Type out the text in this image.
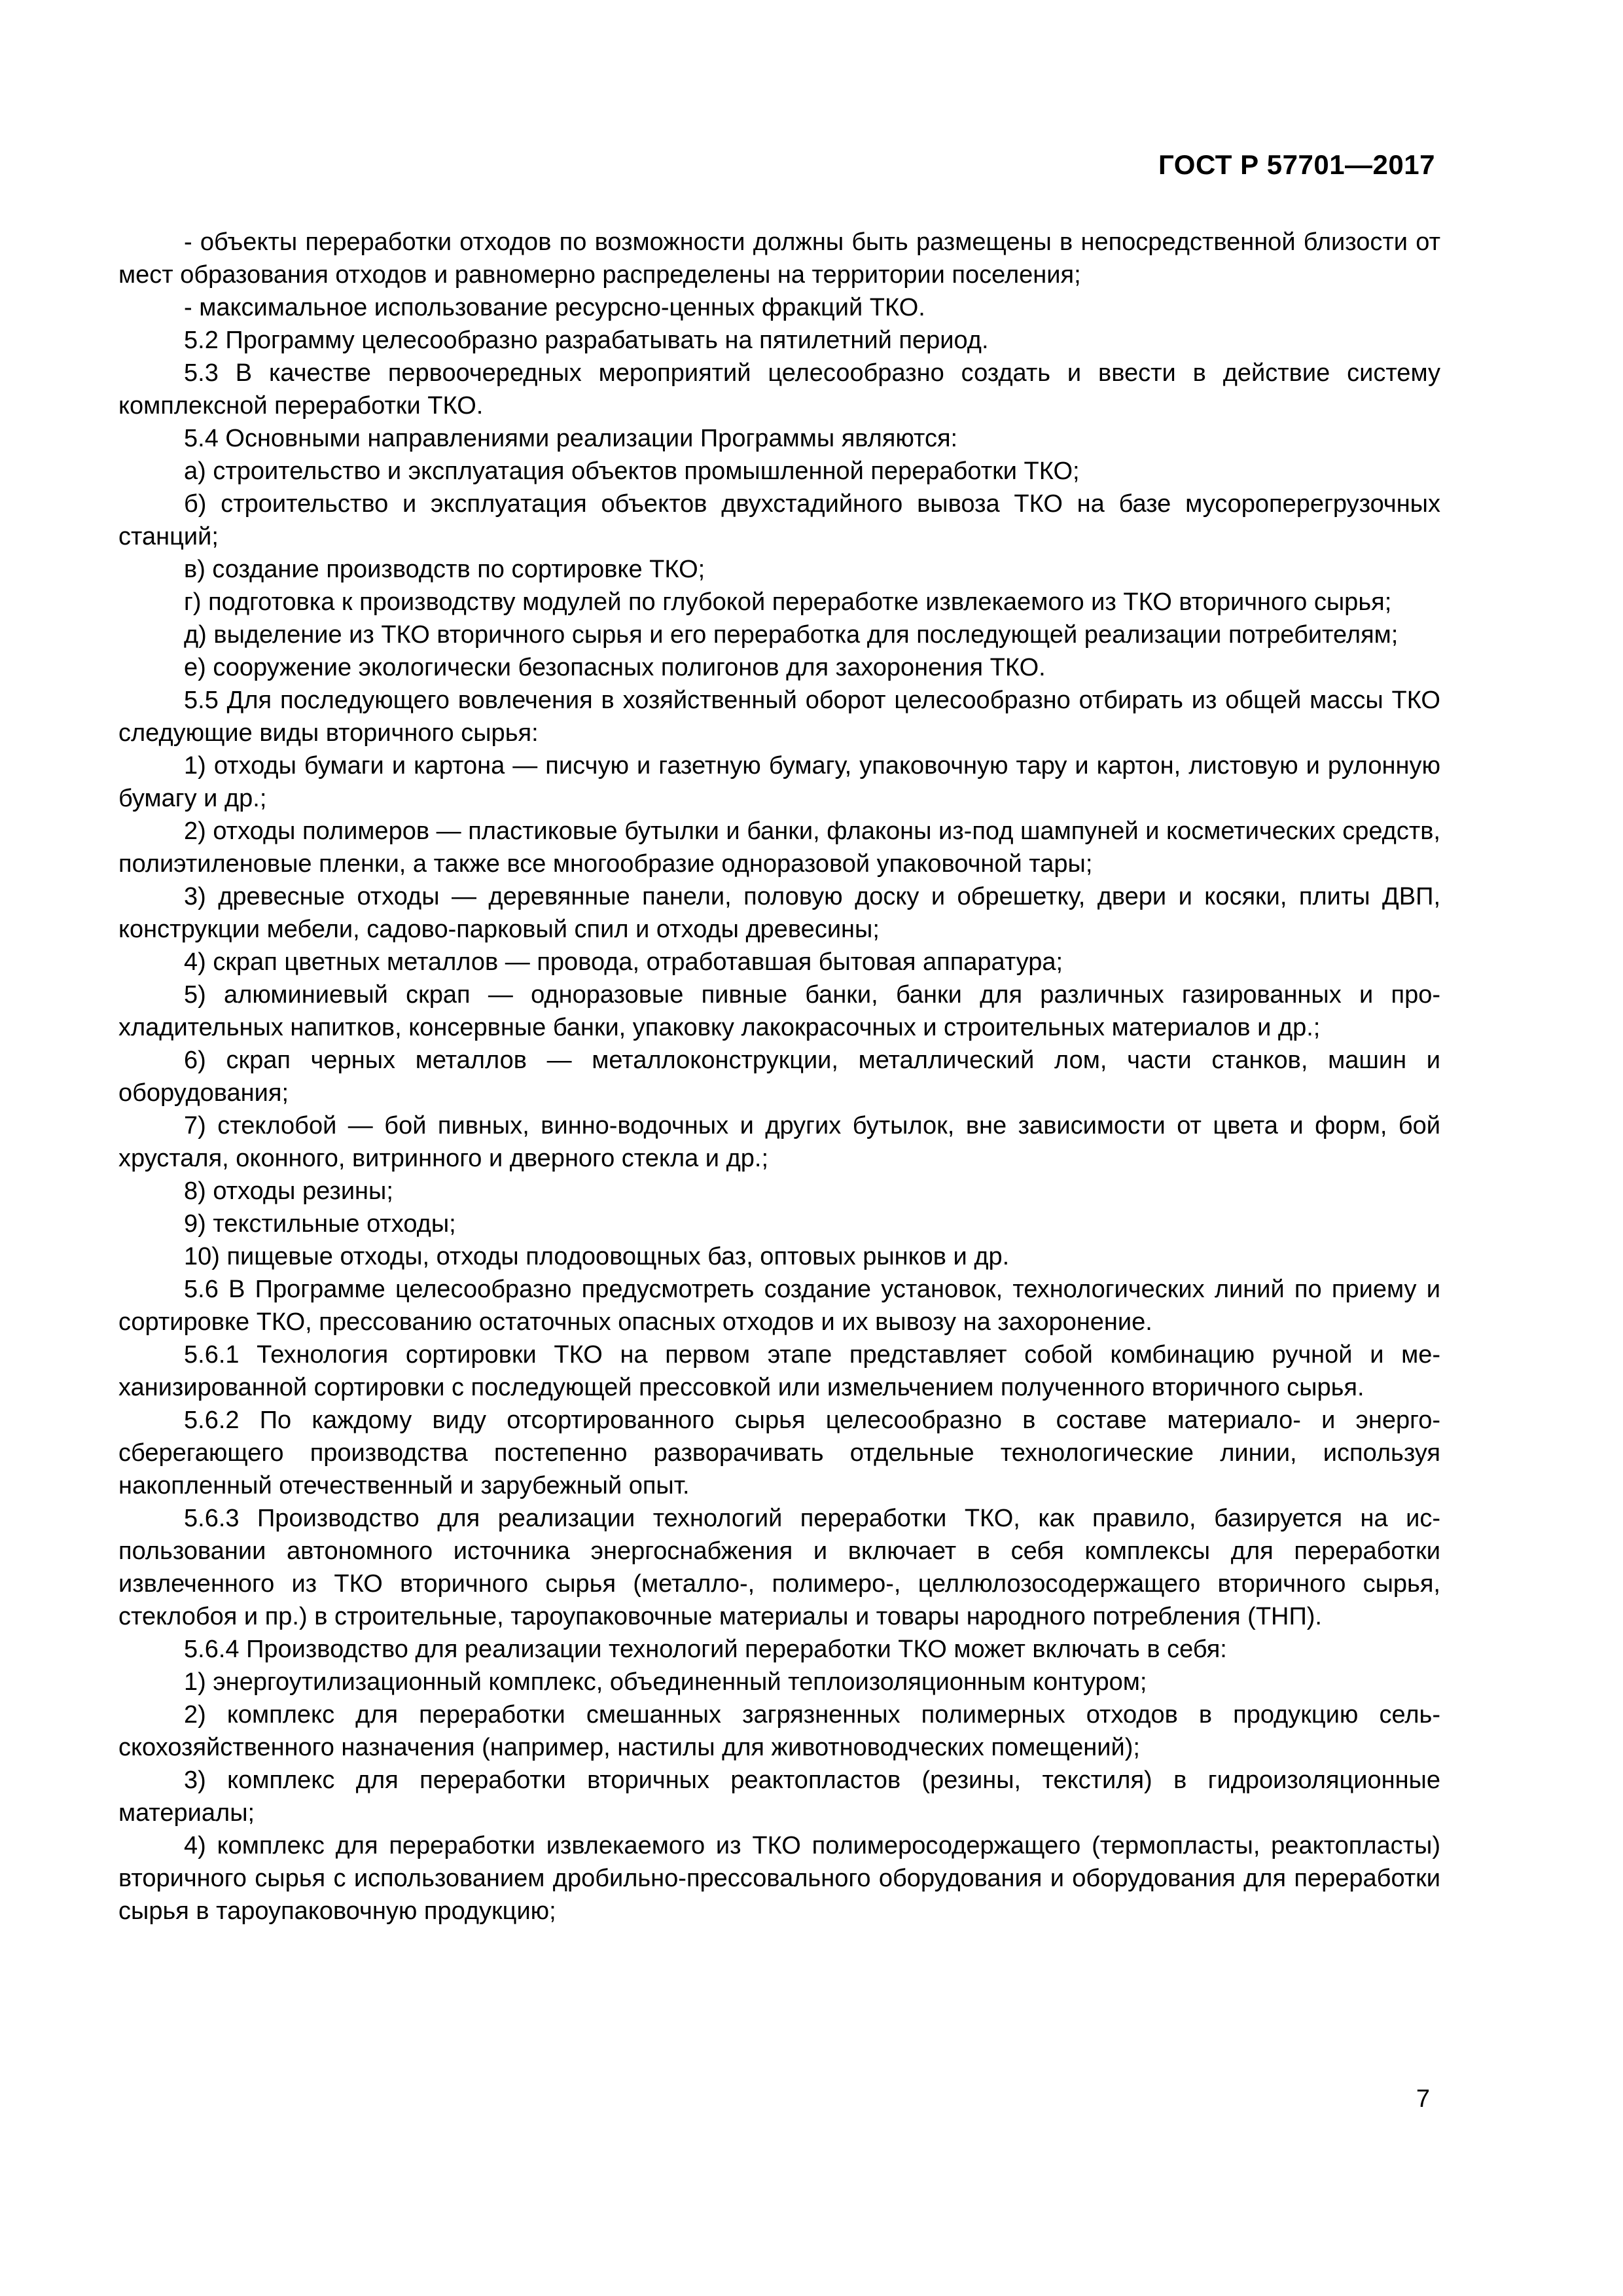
ГОСТ Р 57701—2017

- объекты переработки отходов по возможности должны быть размещены в непосредственной близости от мест образования отходов и равномерно распределены на территории поселения;

- максимальное использование ресурсно-ценных фракций ТКО.

5.2 Программу целесообразно разрабатывать на пятилетний период.

5.3 В качестве первоочередных мероприятий целесообразно создать и ввести в действие систему комплексной переработки ТКО.

5.4 Основными направлениями реализации Программы являются:

а) строительство и эксплуатация объектов промышленной переработки ТКО;

б) строительство и эксплуатация объектов двухстадийного вывоза ТКО на базе мусороперегрузочных станций;

в) создание производств по сортировке ТКО;

г) подготовка к производству модулей по глубокой переработке извлекаемого из ТКО вторичного сырья;

д) выделение из ТКО вторичного сырья и его переработка для последующей реализации потребителям;

е) сооружение экологически безопасных полигонов для захоронения ТКО.

5.5 Для последующего вовлечения в хозяйственный оборот целесообразно отбирать из общей массы ТКО следующие виды вторичного сырья:

1) отходы бумаги и картона — писчую и газетную бумагу, упаковочную тару и картон, листовую и рулонную бумагу и др.;

2) отходы полимеров — пластиковые бутылки и банки, флаконы из-под шампуней и косметических средств, полиэтиленовые пленки, а также все многообразие одноразовой упаковочной тары;

3) древесные отходы — деревянные панели, половую доску и обрешетку, двери и косяки, плиты ДВП, конструкции мебели, садово-парковый спил и отходы древесины;

4) скрап цветных металлов — провода, отработавшая бытовая аппаратура;

5) алюминиевый скрап — одноразовые пивные банки, банки для различных газированных и прохладительных напитков, консервные банки, упаковку лакокрасочных и строительных материалов и др.;

6) скрап черных металлов — металлоконструкции, металлический лом, части станков, машин и оборудования;

7) стеклобой — бой пивных, винно-водочных и других бутылок, вне зависимости от цвета и форм, бой хрусталя, оконного, витринного и дверного стекла и др.;

8) отходы резины;

9) текстильные отходы;

10) пищевые отходы, отходы плодоовощных баз, оптовых рынков и др.

5.6 В Программе целесообразно предусмотреть создание установок, технологических линий по приему и сортировке ТКО, прессованию остаточных опасных отходов и их вывозу на захоронение.

5.6.1 Технология сортировки ТКО на первом этапе представляет собой комбинацию ручной и механизированной сортировки с последующей прессовкой или измельчением полученного вторичного сырья.

5.6.2 По каждому виду отсортированного сырья целесообразно в составе материало- и энергосберегающего производства постепенно разворачивать отдельные технологические линии, используя накопленный отечественный и зарубежный опыт.

5.6.3 Производство для реализации технологий переработки ТКО, как правило, базируется на использовании автономного источника энергоснабжения и включает в себя комплексы для переработки извлеченного из ТКО вторичного сырья (металло-, полимеро-, целлюлозосодержащего вторичного сырья, стеклобоя и пр.) в строительные, тароупаковочные материалы и товары народного потребления (ТНП).

5.6.4 Производство для реализации технологий переработки ТКО может включать в себя:

1) энергоутилизационный комплекс, объединенный теплоизоляционным контуром;

2) комплекс для переработки смешанных загрязненных полимерных отходов в продукцию сельскохозяйственного назначения (например, настилы для животноводческих помещений);

3) комплекс для переработки вторичных реактопластов (резины, текстиля) в гидроизоляционные материалы;

4) комплекс для переработки извлекаемого из ТКО полимеросодержащего (термопласты, реактопласты) вторичного сырья с использованием дробильно-прессовального оборудования и оборудования для переработки сырья в тароупаковочную продукцию;

7
